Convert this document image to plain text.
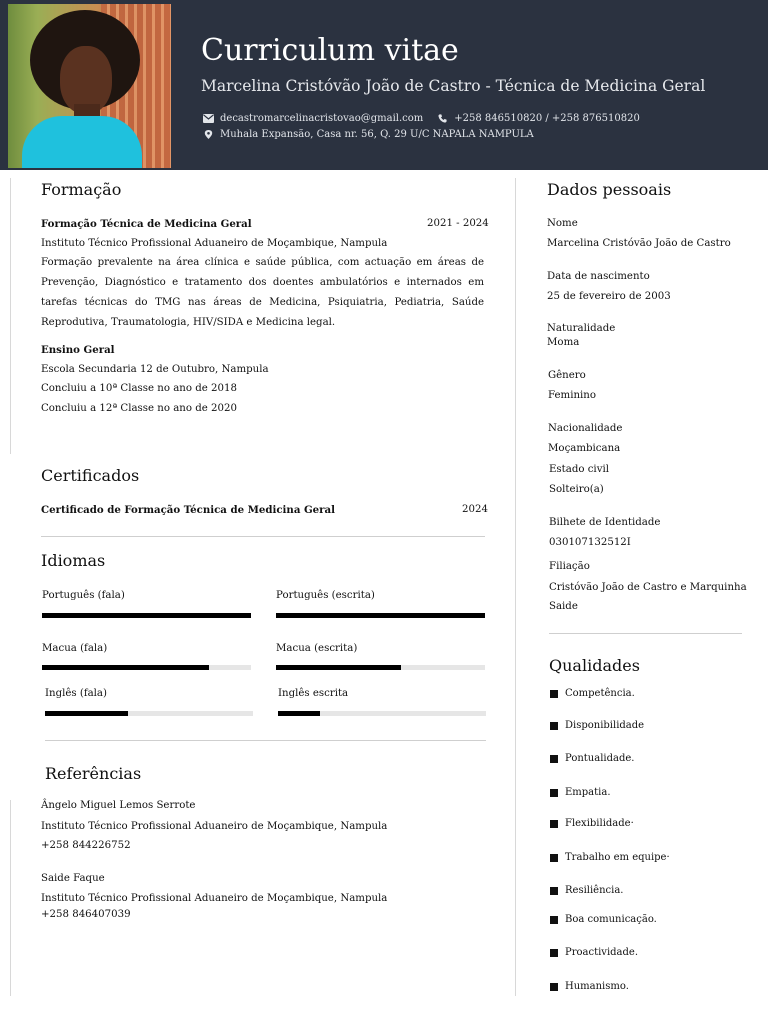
Curriculum vitae
Marcelina Cristóvão João de Castro - Técnica de Medicina Geral
decastromarcelinacristovao@gmail.com	+258 846510820 / +258 876510820
Muhala Expansão, Casa nr. 56, Q. 29 U/C NAPALA NAMPULA
Formação
Formação Técnica de Medicina Geral	2021 - 2024
Instituto Técnico Profissional Aduaneiro de Moçambique, Nampula
Formação prevalente na área clínica e saúde pública, com actuação em áreas de Prevenção, Diagnóstico e tratamento dos doentes ambulatórios e internados em tarefas técnicas do TMG nas áreas de Medicina, Psiquiatria, Pediatria, Saúde Reprodutiva, Traumatologia, HIV/SIDA e Medicina legal.
Ensino Geral
Escola Secundaria 12 de Outubro, Nampula
Concluiu a 10ª Classe no ano de 2018
Concluiu a 12ª Classe no ano de 2020
Certificados
Certificado de Formação Técnica de Medicina Geral	2024
Idiomas
Português (fala)	Português (escrita)
Macua (fala)	Macua (escrita)
Inglês (fala)	Inglês escrita
Referências
Ângelo Miguel Lemos Serrote
Instituto Técnico Profissional Aduaneiro de Moçambique, Nampula
+258 844226752
Saide Faque
Instituto Técnico Profissional Aduaneiro de Moçambique, Nampula
+258 846407039
Dados pessoais
Nome
Marcelina Cristóvão João de Castro
Data de nascimento
25 de fevereiro de 2003
Naturalidade
Moma
Gênero
Feminino
Nacionalidade
Moçambicana
Estado civil
Solteiro(a)
Bilhete de Identidade
030107132512I
Filiação
Cristóvão João de Castro e Marquinha
Saide
Qualidades
Competência.
Disponibilidade
Pontualidade.
Empatia.
Flexibilidade·
Trabalho em equipe·
Resiliência.
Boa comunicação.
Proactividade.
Humanismo.
